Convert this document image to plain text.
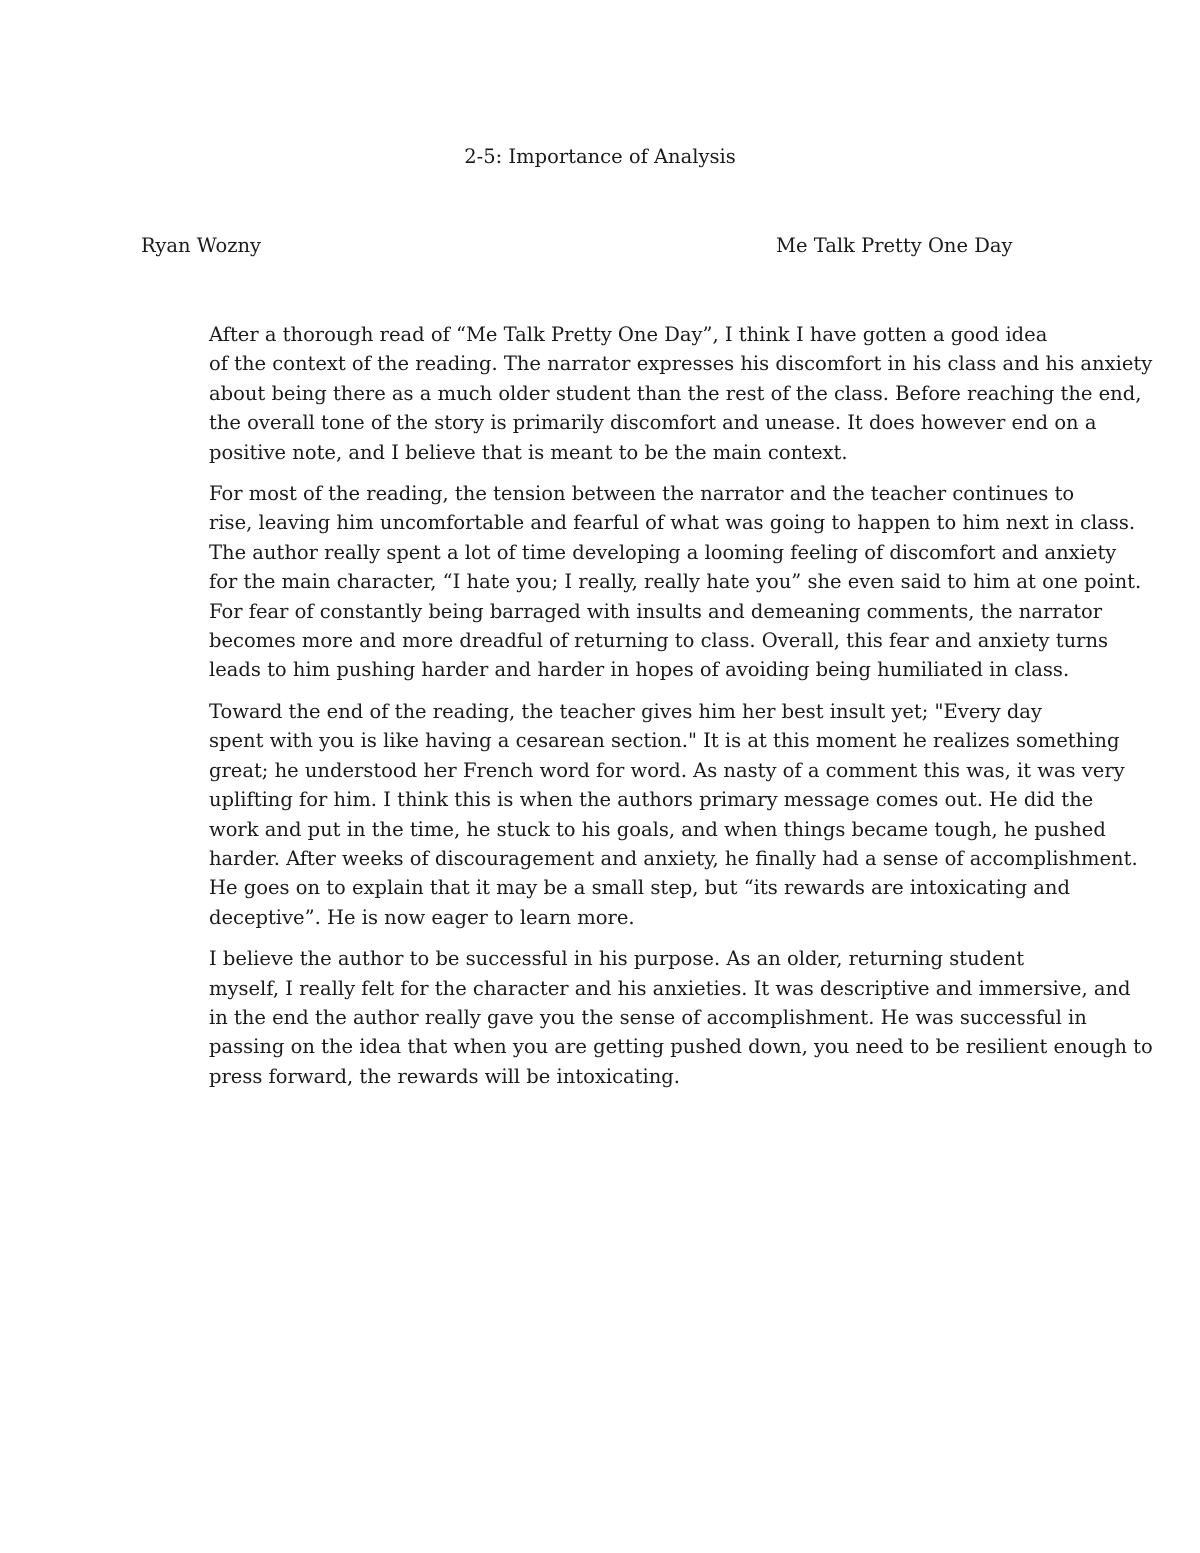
2-5: Importance of Analysis
Ryan Wozny	Me Talk Pretty One Day

After a thorough read of “Me Talk Pretty One Day”, I think I have gotten a good idea
of the context of the reading. The narrator expresses his discomfort in his class and his anxiety
about being there as a much older student than the rest of the class. Before reaching the end,
the overall tone of the story is primarily discomfort and unease. It does however end on a
positive note, and I believe that is meant to be the main context.

For most of the reading, the tension between the narrator and the teacher continues to
rise, leaving him uncomfortable and fearful of what was going to happen to him next in class.
The author really spent a lot of time developing a looming feeling of discomfort and anxiety
for the main character, “I hate you; I really, really hate you” she even said to him at one point.
For fear of constantly being barraged with insults and demeaning comments, the narrator
becomes more and more dreadful of returning to class. Overall, this fear and anxiety turns
leads to him pushing harder and harder in hopes of avoiding being humiliated in class.

Toward the end of the reading, the teacher gives him her best insult yet; "Every day
spent with you is like having a cesarean section." It is at this moment he realizes something
great; he understood her French word for word. As nasty of a comment this was, it was very
uplifting for him. I think this is when the authors primary message comes out. He did the
work and put in the time, he stuck to his goals, and when things became tough, he pushed
harder. After weeks of discouragement and anxiety, he finally had a sense of accomplishment.
He goes on to explain that it may be a small step, but “its rewards are intoxicating and
deceptive”. He is now eager to learn more.

I believe the author to be successful in his purpose. As an older, returning student
myself, I really felt for the character and his anxieties. It was descriptive and immersive, and
in the end the author really gave you the sense of accomplishment. He was successful in
passing on the idea that when you are getting pushed down, you need to be resilient enough to
press forward, the rewards will be intoxicating.
